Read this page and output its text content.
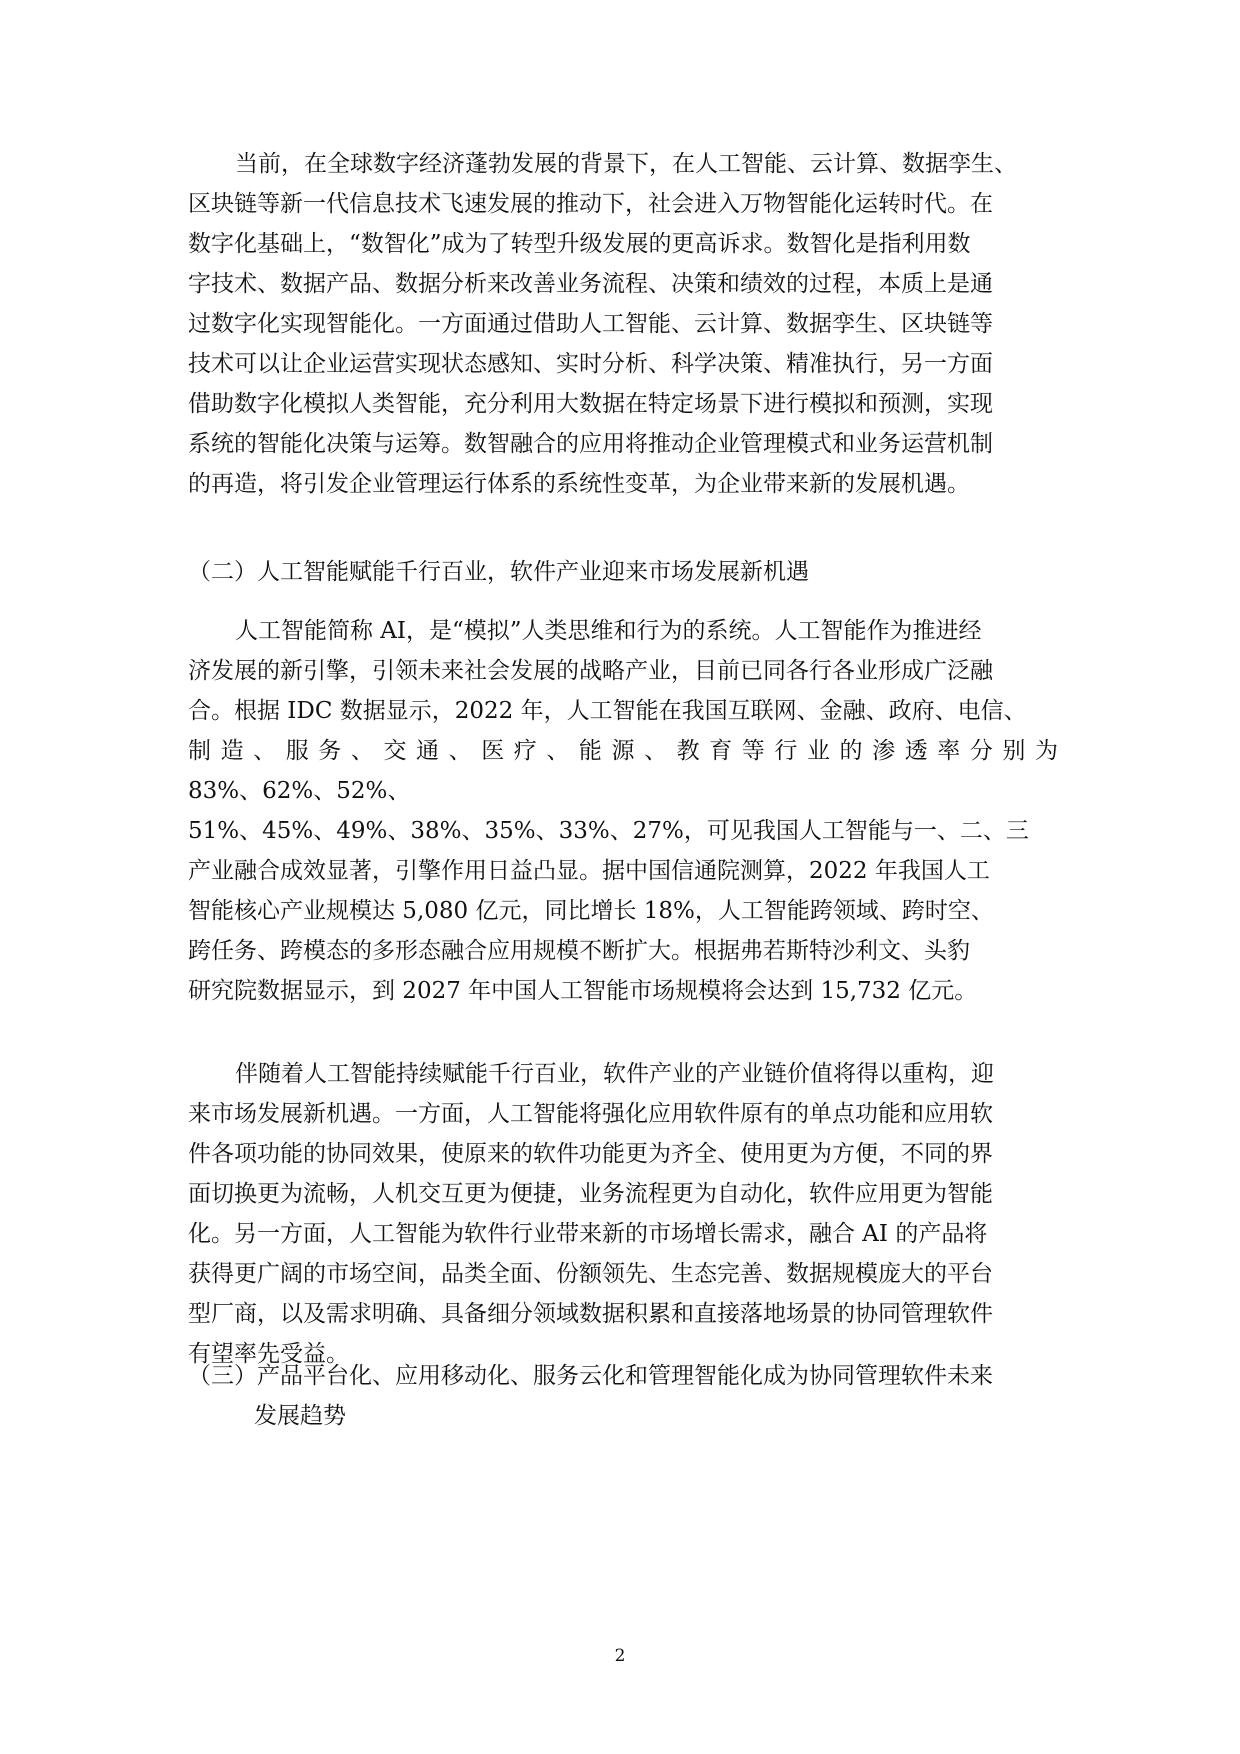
当前，在全球数字经济蓬勃发展的背景下，在人工智能、云计算、数据孪生、
区块链等新一代信息技术飞速发展的推动下，社会进入万物智能化运转时代。在
数字化基础上，“数智化”成为了转型升级发展的更高诉求。数智化是指利用数
字技术、数据产品、数据分析来改善业务流程、决策和绩效的过程，本质上是通
过数字化实现智能化。一方面通过借助人工智能、云计算、数据孪生、区块链等
技术可以让企业运营实现状态感知、实时分析、科学决策、精准执行，另一方面
借助数字化模拟人类智能，充分利用大数据在特定场景下进行模拟和预测，实现
系统的智能化决策与运筹。数智融合的应用将推动企业管理模式和业务运营机制
的再造，将引发企业管理运行体系的系统性变革，为企业带来新的发展机遇。
（二）人工智能赋能千行百业，软件产业迎来市场发展新机遇
人工智能简称 AI，是“模拟”人类思维和行为的系统。人工智能作为推进经
济发展的新引擎，引领未来社会发展的战略产业，目前已同各行各业形成广泛融
合。根据 IDC 数据显示，2022 年，人工智能在我国互联网、金融、政府、电信、
制造、服务、交通、医疗、能源、教育等行业的渗透率分别为
83%、62%、52%、
51%、45%、49%、38%、35%、33%、27%，可见我国人工智能与一、二、三
产业融合成效显著，引擎作用日益凸显。据中国信通院测算，2022 年我国人工
智能核心产业规模达 5,080 亿元，同比增长 18%，人工智能跨领域、跨时空、
跨任务、跨模态的多形态融合应用规模不断扩大。根据弗若斯特沙利文、头豹
研究院数据显示，到 2027 年中国人工智能市场规模将会达到 15,732 亿元。
伴随着人工智能持续赋能千行百业，软件产业的产业链价值将得以重构，迎
来市场发展新机遇。一方面，人工智能将强化应用软件原有的单点功能和应用软
件各项功能的协同效果，使原来的软件功能更为齐全、使用更为方便，不同的界
面切换更为流畅，人机交互更为便捷，业务流程更为自动化，软件应用更为智能
化。另一方面，人工智能为软件行业带来新的市场增长需求，融合 AI 的产品将
获得更广阔的市场空间，品类全面、份额领先、生态完善、数据规模庞大的平台
型厂商，以及需求明确、具备细分领域数据积累和直接落地场景的协同管理软件
有望率先受益。
（三）产品平台化、应用移动化、服务云化和管理智能化成为协同管理软件未来
发展趋势
2
